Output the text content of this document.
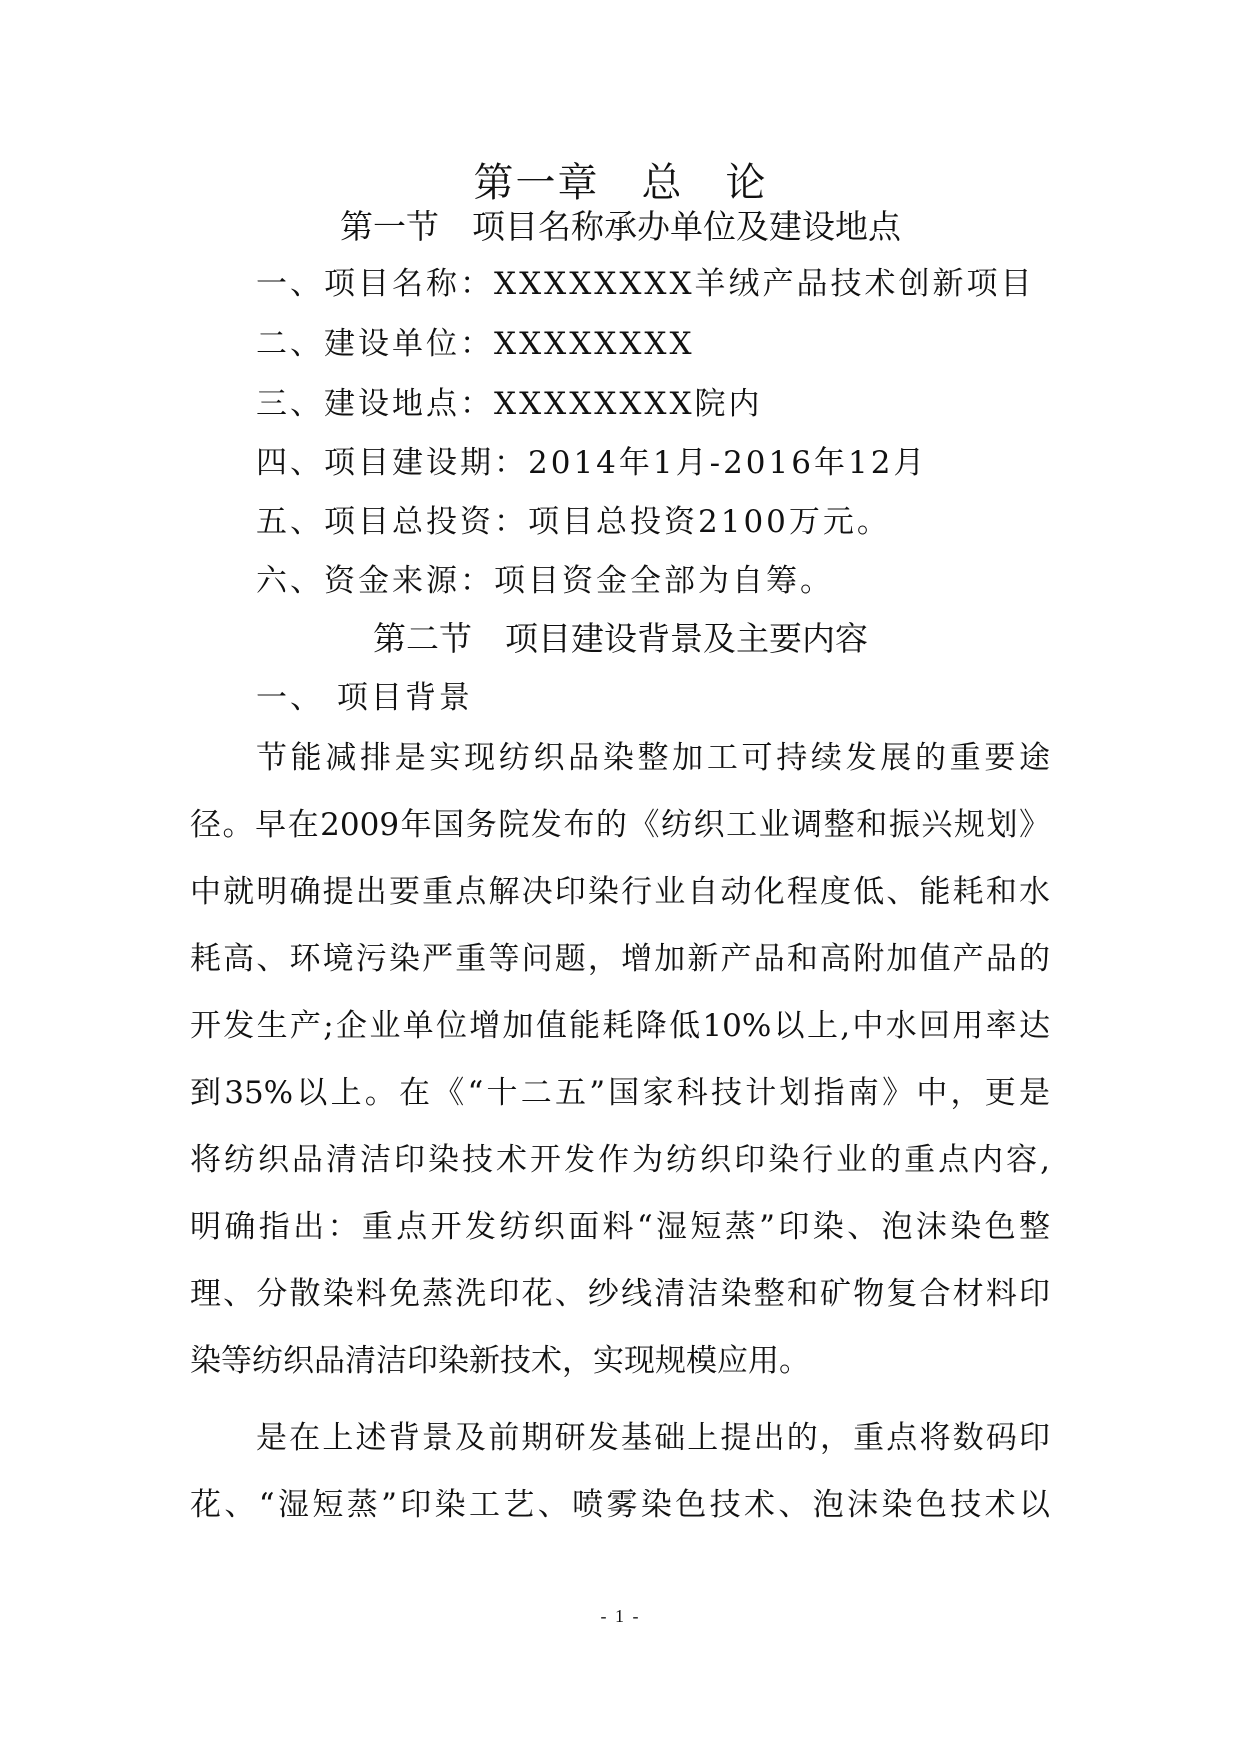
第一章　总　论
第一节　项目名称承办单位及建设地点
一、项目名称：XXXXXXXX羊绒产品技术创新项目
二、建设单位：XXXXXXXX
三、建设地点：XXXXXXXX院内
四、项目建设期：2014年1月-2016年12月
五、项目总投资：项目总投资2100万元。
六、资金来源：项目资金全部为自筹。
第二节　项目建设背景及主要内容
一、 项目背景
节能减排是实现纺织品染整加工可持续发展的重要途
径。早在2009年国务院发布的《纺织工业调整和振兴规划》
中就明确提出要重点解决印染行业自动化程度低、能耗和水
耗高、环境污染严重等问题，增加新产品和高附加值产品的
开发生产;企业单位增加值能耗降低10%以上,中水回用率达
到35%以上。在《“十二五”国家科技计划指南》中，更是
将纺织品清洁印染技术开发作为纺织印染行业的重点内容,
明确指出：重点开发纺织面料“湿短蒸”印染、泡沫染色整
理、分散染料免蒸洗印花、纱线清洁染整和矿物复合材料印
染等纺织品清洁印染新技术，实现规模应用。
是在上述背景及前期研发基础上提出的，重点将数码印
花、“湿短蒸”印染工艺、喷雾染色技术、泡沫染色技术以
- 1 -
